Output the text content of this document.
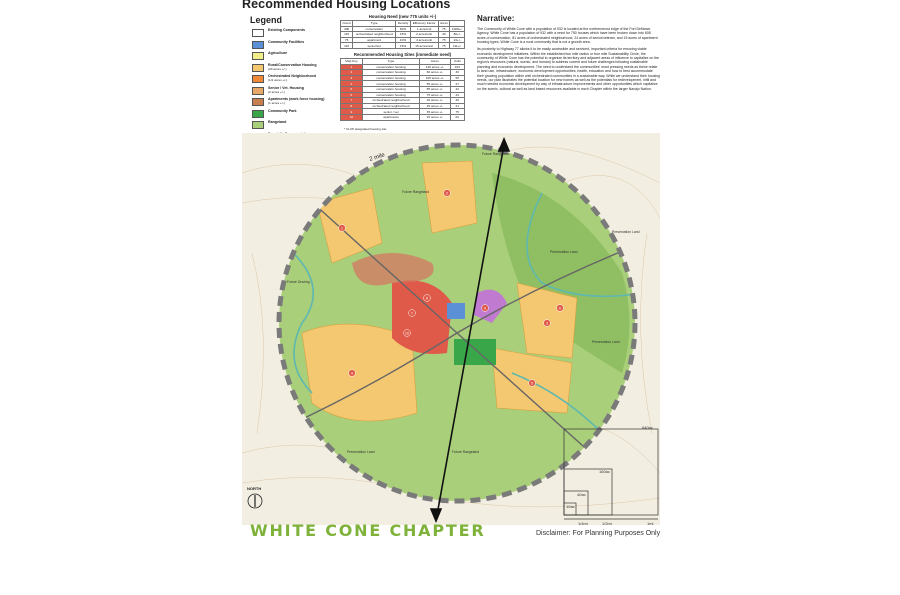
Recommended Housing Locations
Legend
Existing Components
Community Facilities
Agriculture
Rural/Conservation Housing
(20 acres +/-)
Orchestrated Neighborhood
(1/2 acres +/-)
Senior / Vet. Housing
(2 acres +/-)
Apartments (work force housing)
(1 acres +/-)
Community Park
Rangeland
Housing Need (new 775 units +/-)
Count	Type	Density	Efficiency Factor	Acres	
400	conservation	60%	1 acre/unit	75	1008+/-
115	orchestrated neighborhood	15%	2 acres/unit	40	80+/-
75	apartment	10%	4 acres/unit	75	24+/-
115	senior/vet	15%	15 acres/unit	75	111+/-
Recommended Housing Sites (immediate need)
Map Key	Type	Acres	Units
1	conservation housing	140 acres +/-	103
2	conservation housing	60 acres +/-	30
3	conservation housing	105 acres +/-	55
4	conservation housing	55 acres +/-	27
5	conservation housing	85 acres +/-	42
6	conservation housing	75 acres +/-	44
7	orchestrated neighborhood	20 acres +/-	30
8	orchestrated neighborhood	25 acres +/-	41
9	senior / vet	35 acres +/-	75
10	apartments	15 acres +/-	62
* CLUP designated housing site
Narrative:

The Community of White Cone with a population of 932 is located at the northernmost edge of the Fort Defiance Agency. White Cone has a population of 932 with a need for 750 houses which have been broken down into 608 acres of conservation, 81 acres of orchestrated neighborhood, 24 acres of senior/veteran, and 15 acres of apartment housing types. White Cone is a rural community that is not a growth area.

Its proximity to Highway 77 allows it to be easily accessible and serviced, important criteria for ensuring viable economic development initiatives. Within the established two mile radius or four mile Sustainability Circle, the community of White Cone has the potential to organize its territory and adjacent areas of influence to capitalize on the region's resources (natural, scenic, and human) to address current and future challenges following sustainable planning and economic development. The need to understand the communities' most pressing needs as these relate to land use, infrastructure, economic development opportunities, health, education and how to best accommodate their growing population within well orchestrated communities in a sustainable way. While we understand their housing needs, our plan illustrates the potential location for new homes as well as the potentials for redevelopment, infill and much needed economic development by way of infrastructure improvements and other opportunities which capitalize on the scenic, cultural as well as land based resources available in each Chapter within the larger Navajo Nation.

2 mile
1
2
3
4
5
6
7
8
9
10
Future Rangeland
Preservation Land
Future Grazing
Preservation Land
Future Rangeland
Preservation Land
Future Rangeland
Preservation Land
640ac
160ac
40ac
10ac
1/4mi	1/2mi	1mi
NORTH
WHITE CONE CHAPTER	Disclaimer: For Planning Purposes Only
